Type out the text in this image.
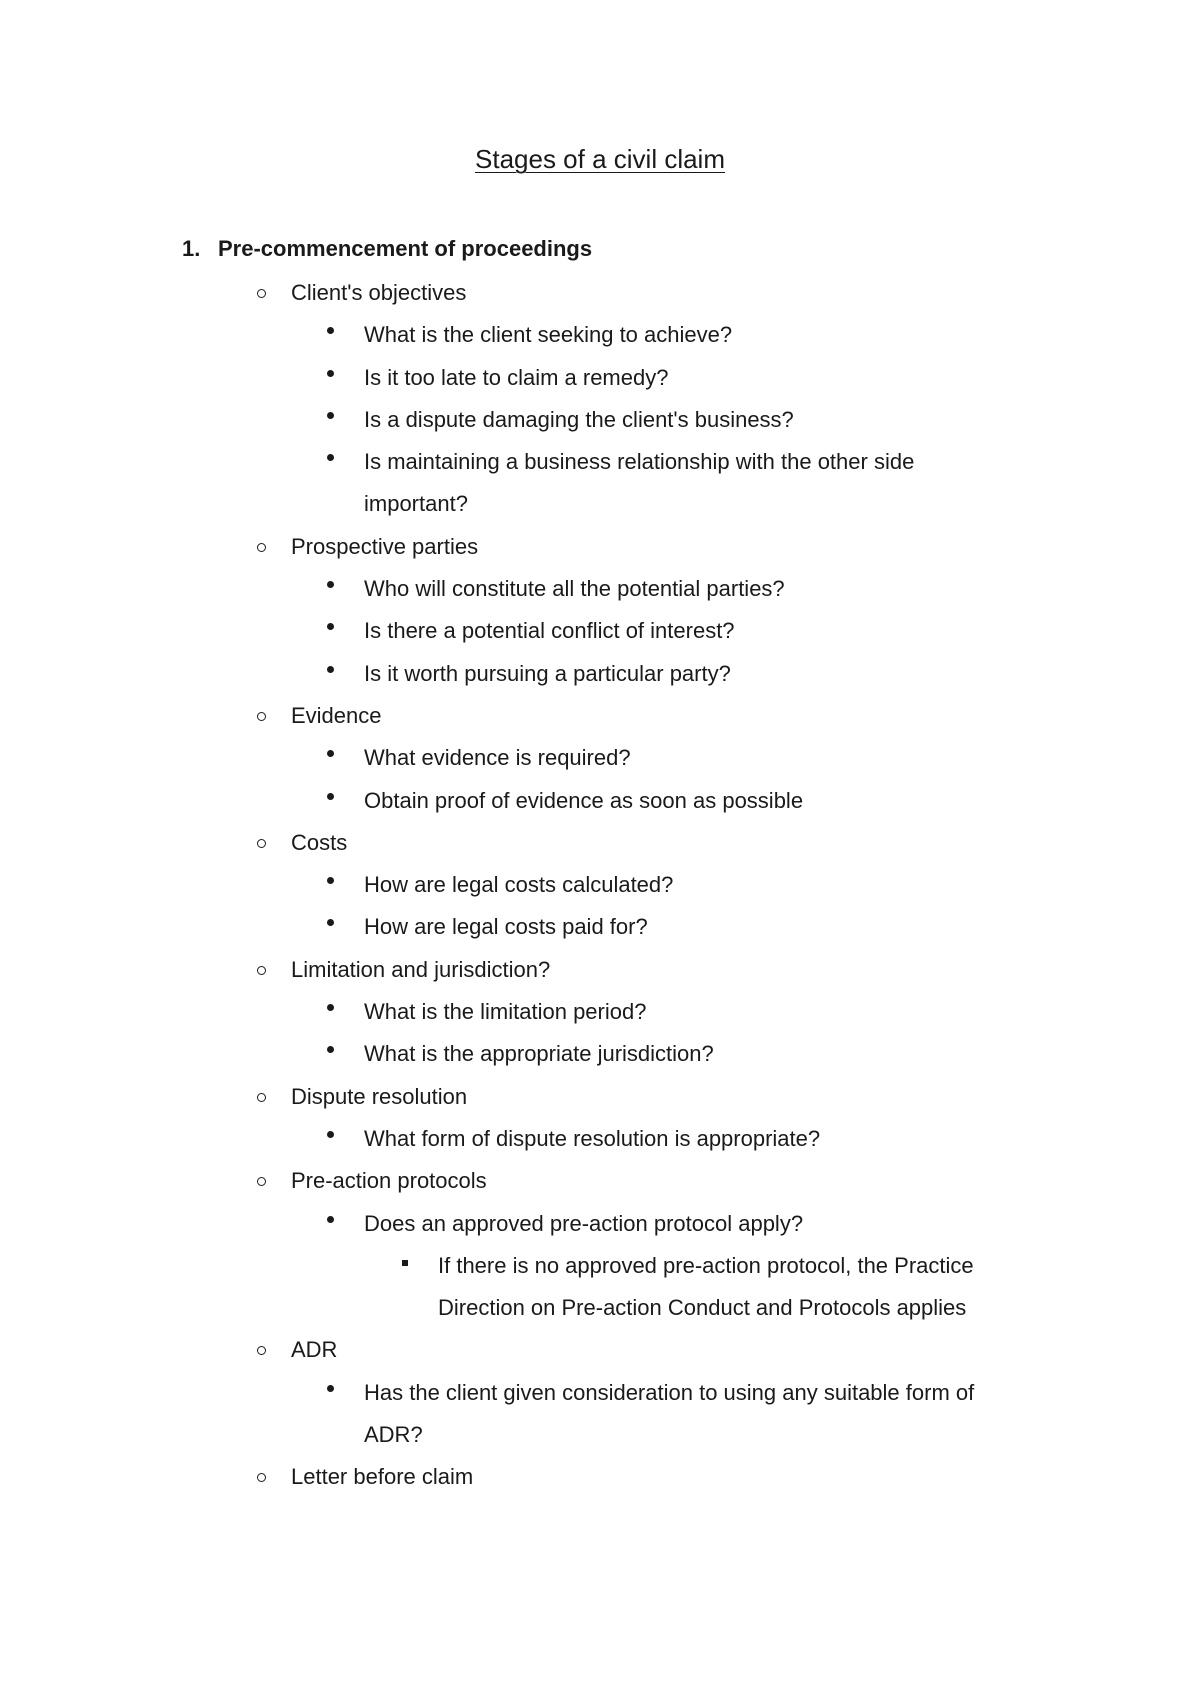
Stages of a civil claim
1. Pre-commencement of proceedings
Client's objectives
What is the client seeking to achieve?
Is it too late to claim a remedy?
Is a dispute damaging the client's business?
Is maintaining a business relationship with the other side
important?
Prospective parties
Who will constitute all the potential parties?
Is there a potential conflict of interest?
Is it worth pursuing a particular party?
Evidence
What evidence is required?
Obtain proof of evidence as soon as possible
Costs
How are legal costs calculated?
How are legal costs paid for?
Limitation and jurisdiction?
What is the limitation period?
What is the appropriate jurisdiction?
Dispute resolution
What form of dispute resolution is appropriate?
Pre-action protocols
Does an approved pre-action protocol apply?
If there is no approved pre-action protocol, the Practice
Direction on Pre-action Conduct and Protocols applies
ADR
Has the client given consideration to using any suitable form of
ADR?
Letter before claim
